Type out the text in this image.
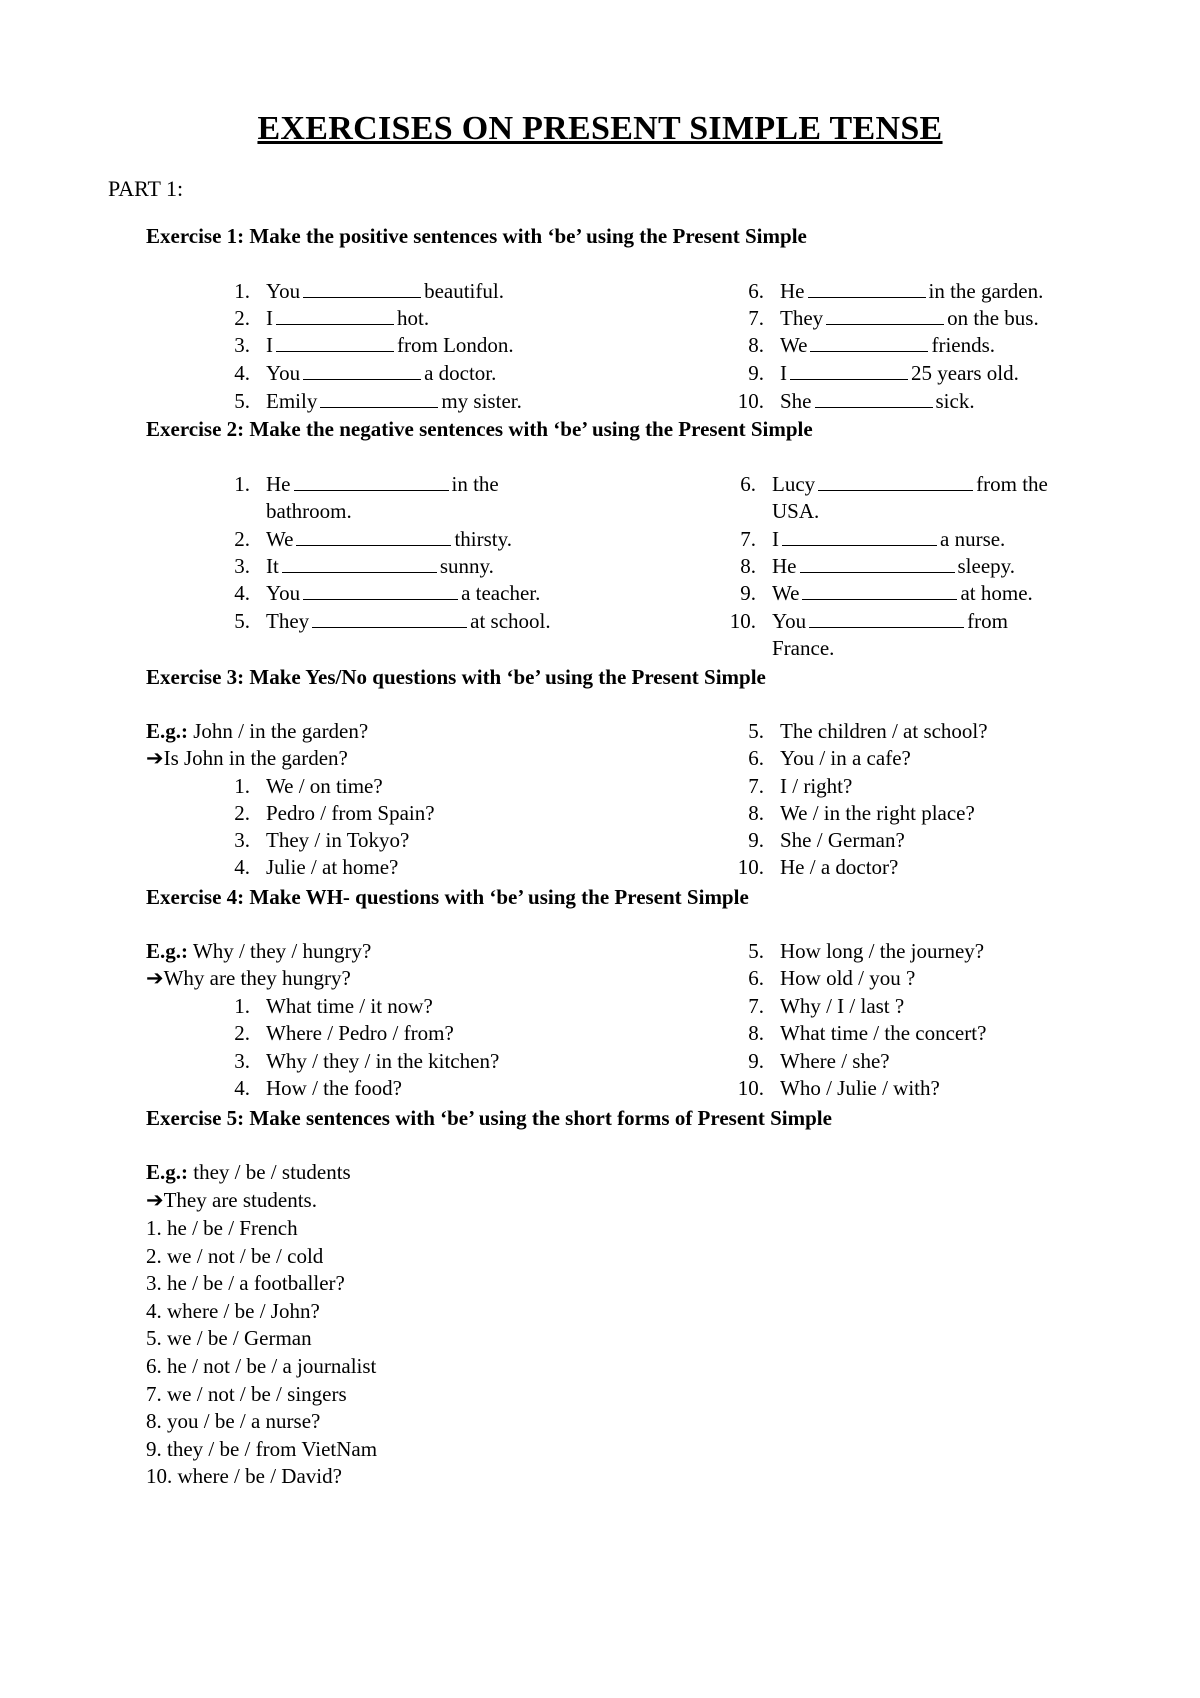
EXERCISES ON PRESENT SIMPLE TENSE
PART 1:
Exercise 1: Make the positive sentences with ‘be’ using the Present Simple
1. You	beautiful.
2. I	hot.
3. I	from London.
4. You	a doctor.
5. Emily	my sister.
6. He	in the garden.
7. They	on the bus.
8. We	friends.
9. I	25 years old.
10. She	sick.
Exercise 2: Make the negative sentences with ‘be’ using the Present Simple
1. He	in the
bathroom.
2. We	thirsty.
3. It	sunny.
4. You	a teacher.
5. They	at school.
6. Lucy	from the
USA.
7. I	a nurse.
8. He	sleepy.
9. We	at home.
10. You	from
France.
Exercise 3: Make Yes/No questions with ‘be’ using the Present Simple
E.g.: John / in the garden?
➔Is John in the garden?
1. We / on time?
2. Pedro / from Spain?
3. They / in Tokyo?
4. Julie / at home?
5. The children / at school?
6. You / in a cafe?
7. I / right?
8. We / in the right place?
9. She / German?
10. He / a doctor?
Exercise 4: Make WH- questions with ‘be’ using the Present Simple
E.g.: Why / they / hungry?
➔Why are they hungry?
1. What time / it now?
2. Where / Pedro / from?
3. Why / they / in the kitchen?
4. How / the food?
5. How long / the journey?
6. How old / you ?
7. Why / I / last ?
8. What time / the concert?
9. Where / she?
10. Who / Julie / with?
Exercise 5: Make sentences with ‘be’ using the short forms of Present Simple
E.g.: they / be / students
➔They are students.
1. he / be / French
2. we / not / be / cold
3. he / be / a footballer?
4. where / be / John?
5. we / be / German
6. he / not / be / a journalist
7. we / not / be / singers
8. you / be / a nurse?
9. they / be / from VietNam
10. where / be / David?
